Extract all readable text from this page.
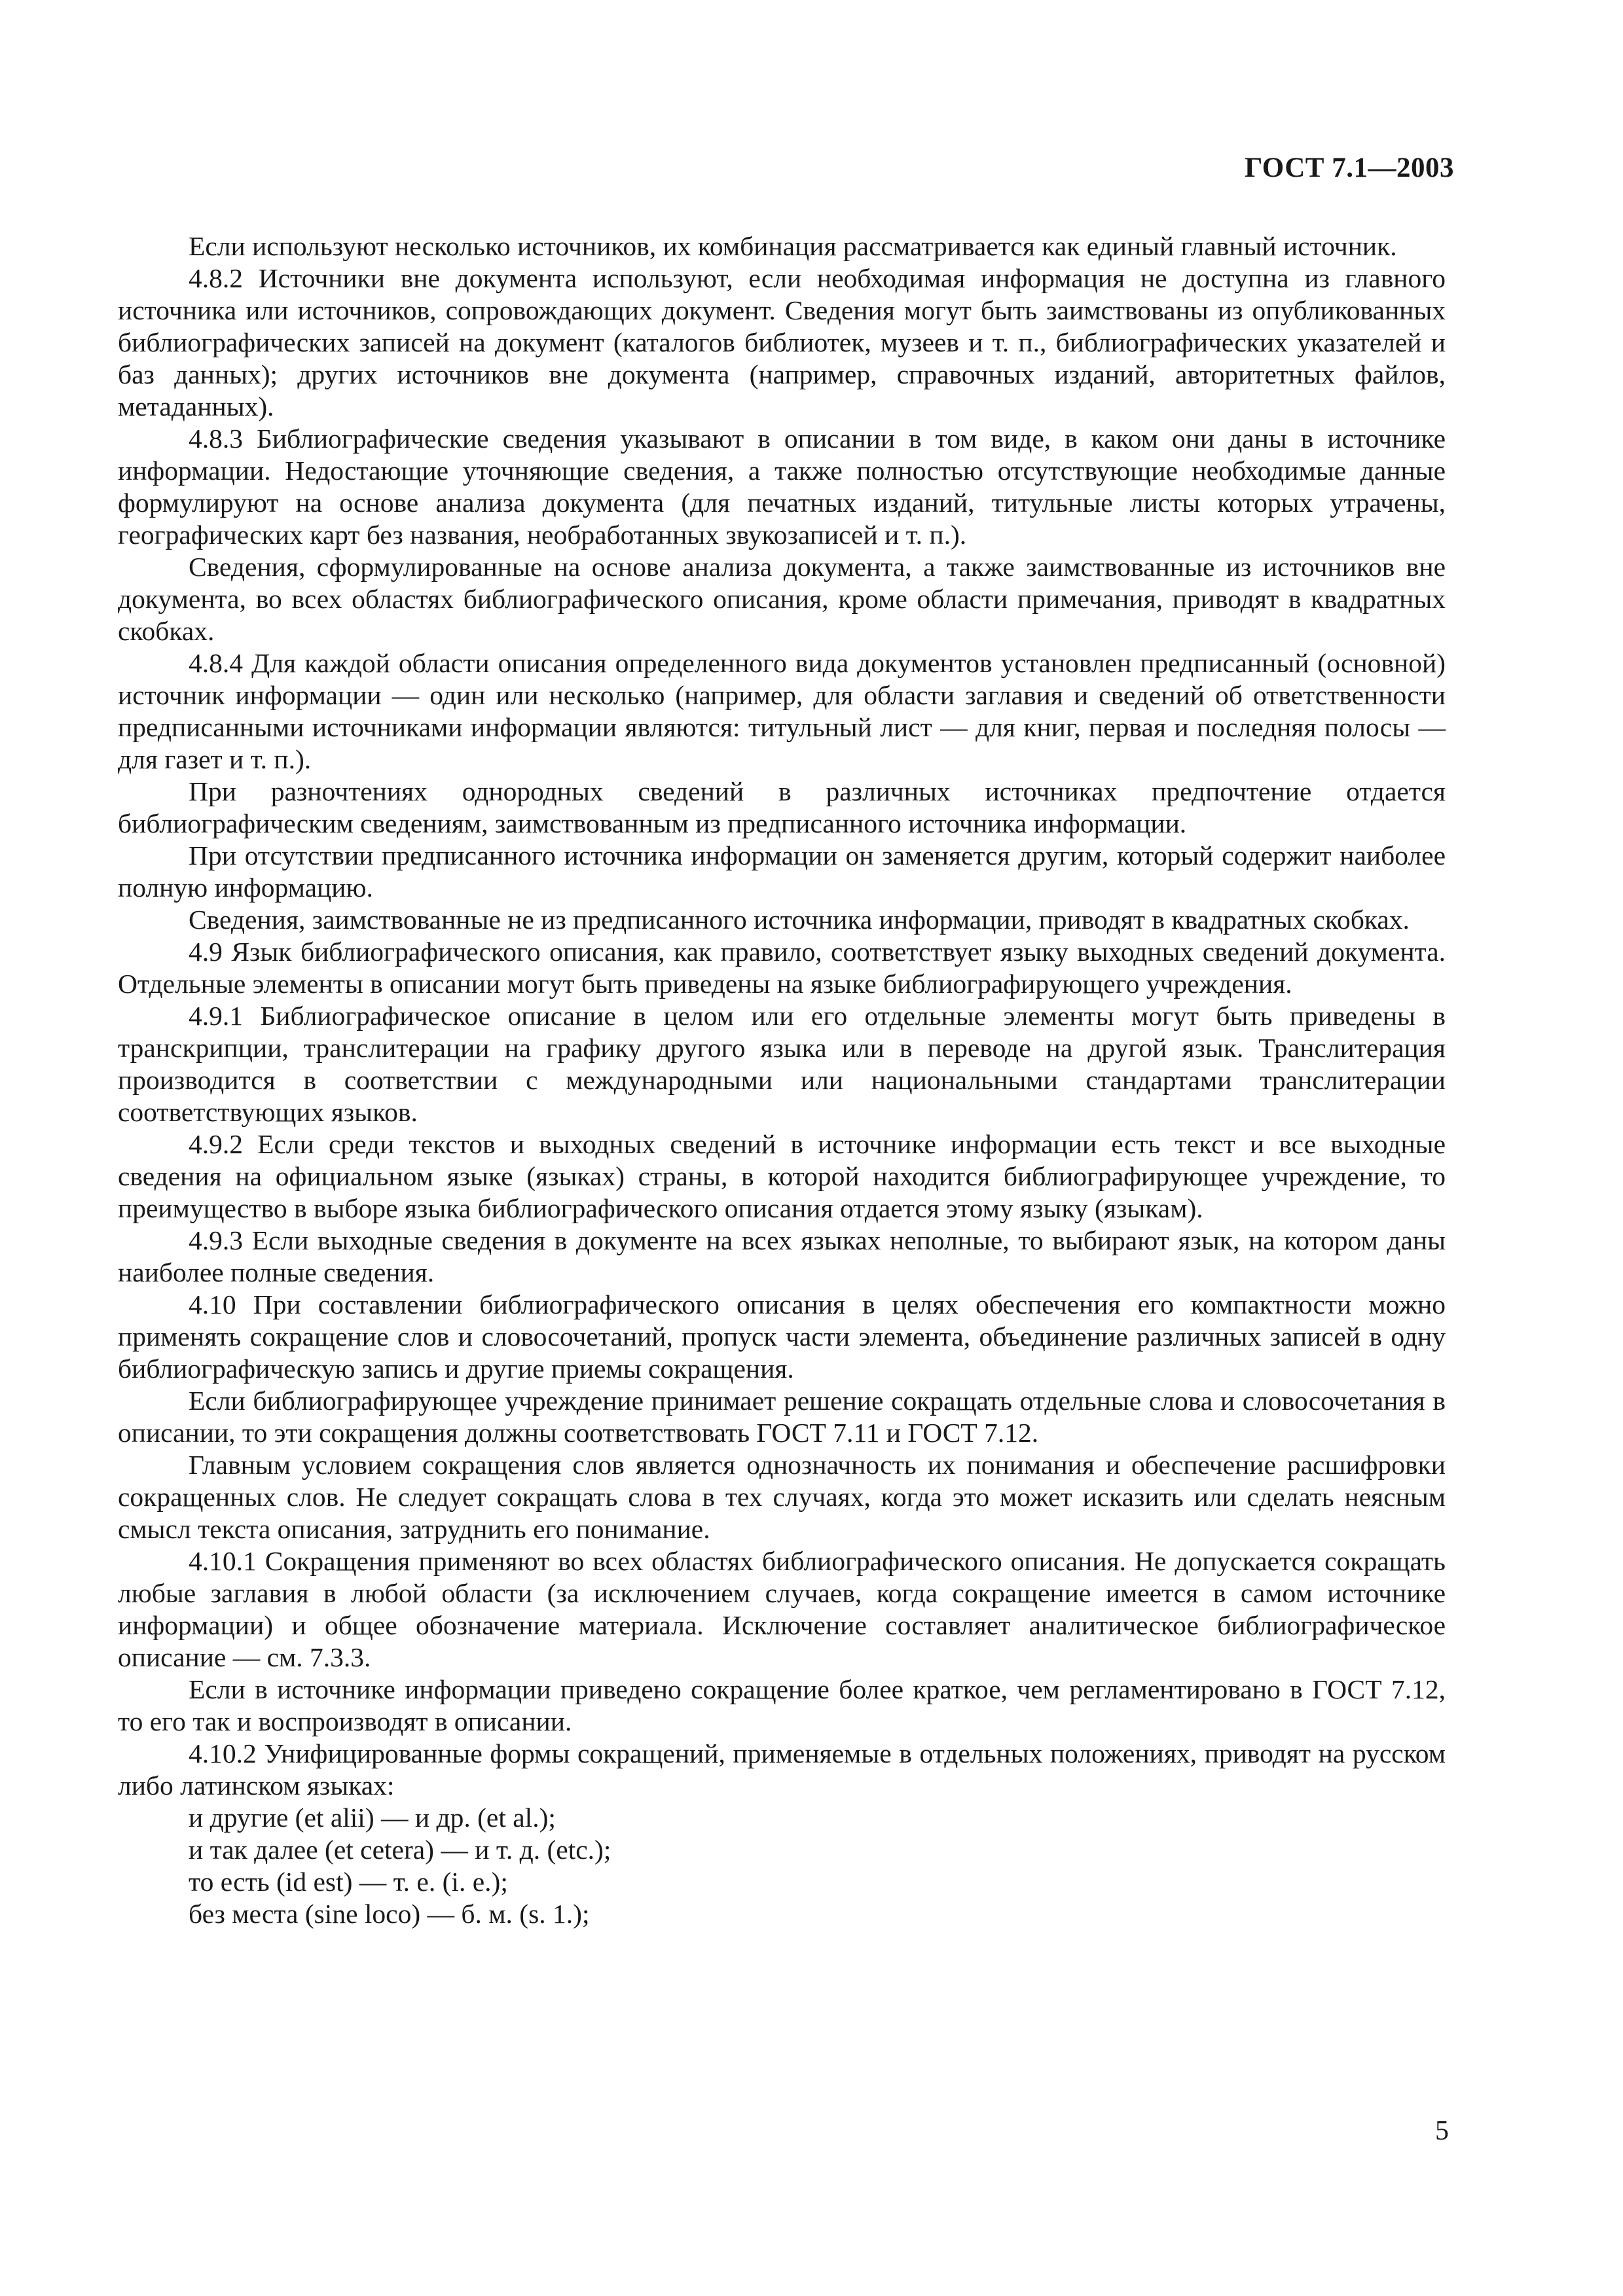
ГОСТ 7.1—2003

Если используют несколько источников, их комбинация рассматривается как единый главный источник.

4.8.2 Источники вне документа используют, если необходимая информация не доступна из главного источника или источников, сопровождающих документ. Сведения могут быть заимствованы из опубликованных библиографических записей на документ (каталогов библиотек, музеев и т. п., библиографических указателей и баз данных); других источников вне документа (например, справочных изданий, авторитетных файлов, метаданных).

4.8.3 Библиографические сведения указывают в описании в том виде, в каком они даны в источнике информации. Недостающие уточняющие сведения, а также полностью отсутствующие необходимые данные формулируют на основе анализа документа (для печатных изданий, титульные листы которых утрачены, географических карт без названия, необработанных звукозаписей и т. п.).

Сведения, сформулированные на основе анализа документа, а также заимствованные из источников вне документа, во всех областях библиографического описания, кроме области примечания, приводят в квадратных скобках.

4.8.4 Для каждой области описания определенного вида документов установлен предписанный (основной) источник информации — один или несколько (например, для области заглавия и сведений об ответственности предписанными источниками информации являются: титульный лист — для книг, первая и последняя полосы — для газет и т. п.).

При разночтениях однородных сведений в различных источниках предпочтение отдается библиографическим сведениям, заимствованным из предписанного источника информации.

При отсутствии предписанного источника информации он заменяется другим, который содержит наиболее полную информацию.

Сведения, заимствованные не из предписанного источника информации, приводят в квадратных скобках.

4.9 Язык библиографического описания, как правило, соответствует языку выходных сведений документа. Отдельные элементы в описании могут быть приведены на языке библиографирующего учреждения.

4.9.1 Библиографическое описание в целом или его отдельные элементы могут быть приведены в транскрипции, транслитерации на графику другого языка или в переводе на другой язык. Транслитерация производится в соответствии с международными или национальными стандартами транслитерации соответствующих языков.

4.9.2 Если среди текстов и выходных сведений в источнике информации есть текст и все выходные сведения на официальном языке (языках) страны, в которой находится библиографирующее учреждение, то преимущество в выборе языка библиографического описания отдается этому языку (языкам).

4.9.3 Если выходные сведения в документе на всех языках неполные, то выбирают язык, на котором даны наиболее полные сведения.

4.10 При составлении библиографического описания в целях обеспечения его компактности можно применять сокращение слов и словосочетаний, пропуск части элемента, объединение различных записей в одну библиографическую запись и другие приемы сокращения.

Если библиографирующее учреждение принимает решение сокращать отдельные слова и словосочетания в описании, то эти сокращения должны соответствовать ГОСТ 7.11 и ГОСТ 7.12.

Главным условием сокращения слов является однозначность их понимания и обеспечение расшифровки сокращенных слов. Не следует сокращать слова в тех случаях, когда это может исказить или сделать неясным смысл текста описания, затруднить его понимание.

4.10.1 Сокращения применяют во всех областях библиографического описания. Не допускается сокращать любые заглавия в любой области (за исключением случаев, когда сокращение имеется в самом источнике информации) и общее обозначение материала. Исключение составляет аналитическое библиографическое описание — см. 7.3.3.

Если в источнике информации приведено сокращение более краткое, чем регламентировано в ГОСТ 7.12, то его так и воспроизводят в описании.

4.10.2 Унифицированные формы сокращений, применяемые в отдельных положениях, приводят на русском либо латинском языках:

и другие (et alii) — и др. (et al.);
и так далее (et cetera) — и т. д. (etc.);
то есть (id est) — т. е. (i. e.);
без места (sine loco) — б. м. (s. 1.);
5
